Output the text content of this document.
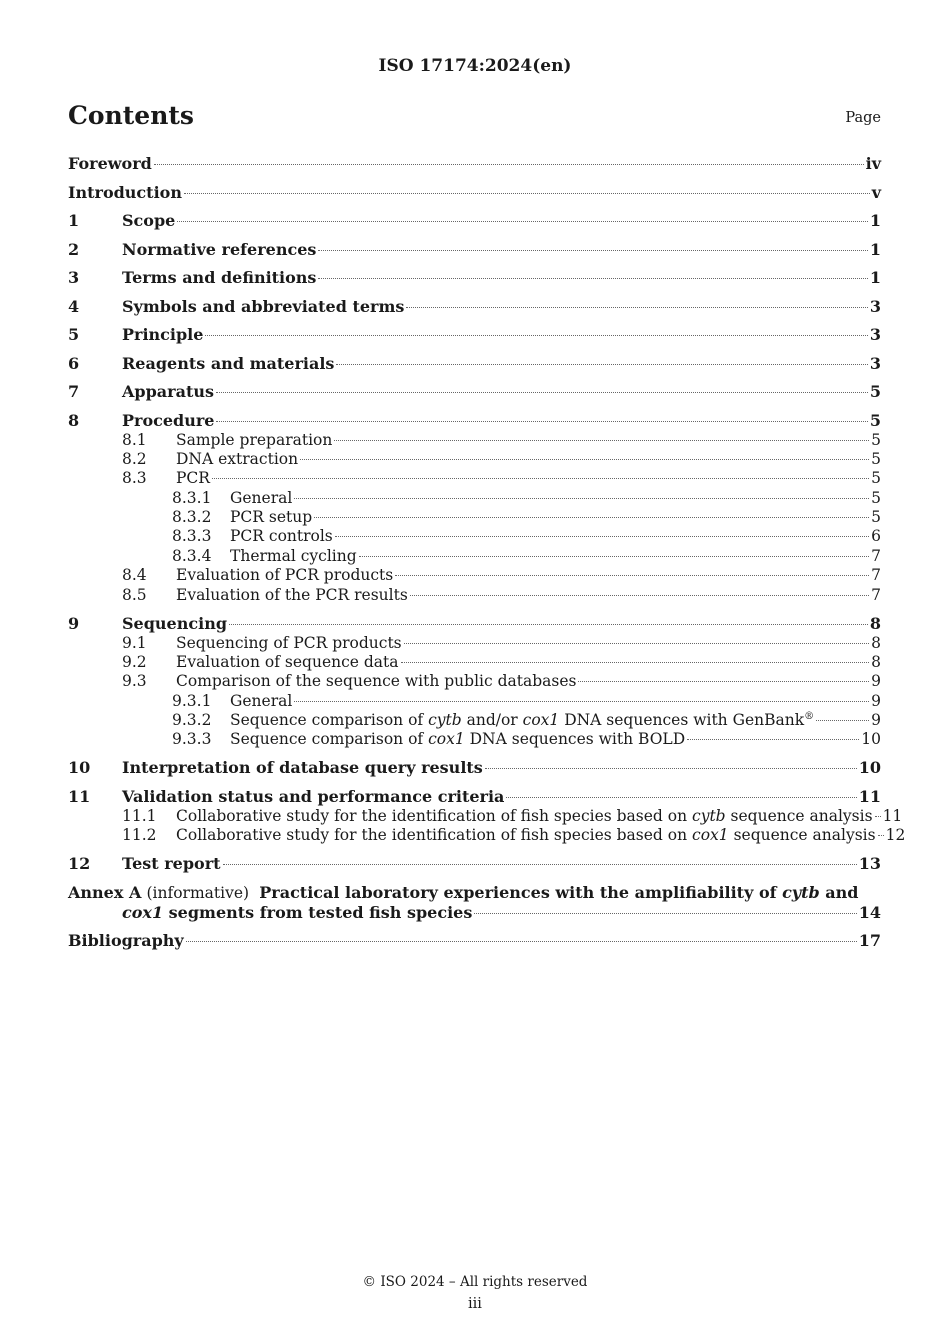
ISO 17174:2024(en)
Contents	Page
Foreword	iv
Introduction	v
1	Scope	1
2	Normative references	1
3	Terms and definitions	1
4	Symbols and abbreviated terms	3
5	Principle	3
6	Reagents and materials	3
7	Apparatus	5
8	Procedure	5
8.1	Sample preparation	5
8.2	DNA extraction	5
8.3	PCR	5
8.3.1	General	5
8.3.2	PCR setup	5
8.3.3	PCR controls	6
8.3.4	Thermal cycling	7
8.4	Evaluation of PCR products	7
8.5	Evaluation of the PCR results	7
9	Sequencing	8
9.1	Sequencing of PCR products	8
9.2	Evaluation of sequence data	8
9.3	Comparison of the sequence with public databases	9
9.3.1	General	9
9.3.2	Sequence comparison of cytb and/or cox1 DNA sequences with GenBank®	9
9.3.3	Sequence comparison of cox1 DNA sequences with BOLD	10
10	Interpretation of database query results	10
11	Validation status and performance criteria	11
11.1	Collaborative study for the identification of fish species based on cytb sequence analysis 11
11.2	Collaborative study for the identification of fish species based on cox1 sequence analysis 12
12	Test report	13
Annex A (informative) Practical laboratory experiences with the amplifiability of cytb and
cox1 segments from tested fish species	14
Bibliography	17
© ISO 2024 – All rights reserved
iii
